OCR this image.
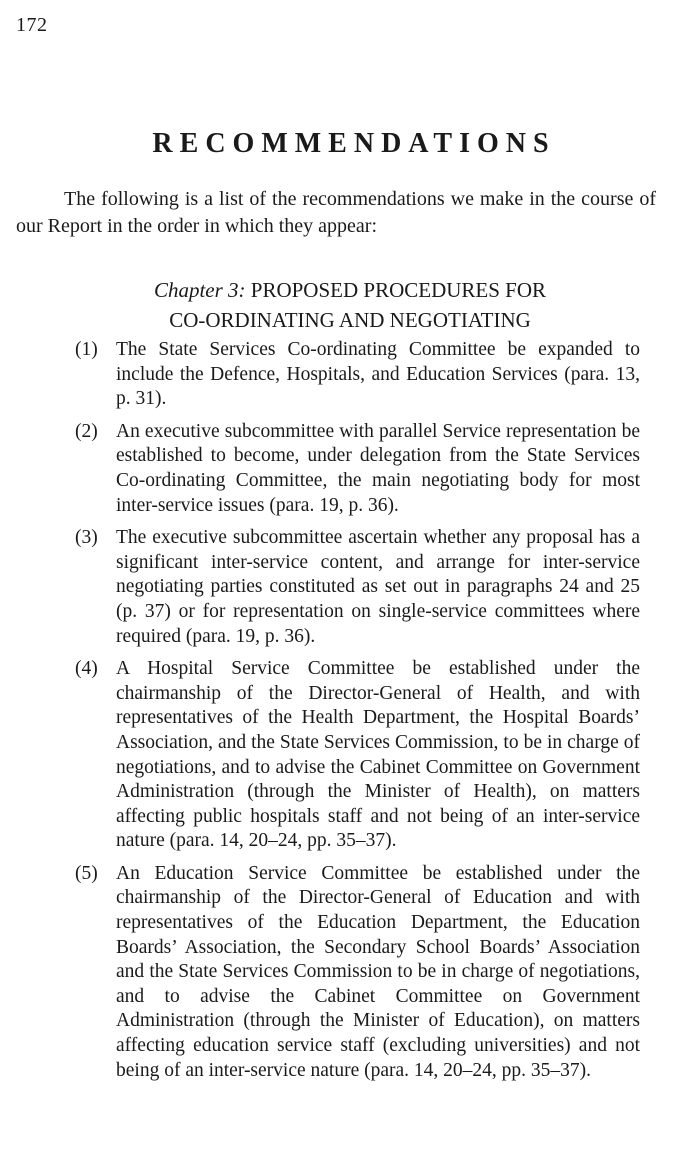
172
RECOMMENDATIONS

The following is a list of the recommendations we make in the course of our Report in the order in which they appear:

Chapter 3: PROPOSED PROCEDURES FOR
CO-ORDINATING AND NEGOTIATING
(1) The State Services Co-ordinating Committee be expanded to include the Defence, Hospitals, and Education Services (para. 13, p. 31).
(2) An executive subcommittee with parallel Service representation be established to become, under delegation from the State Services Co-ordinating Committee, the main negotiating body for most inter-service issues (para. 19, p. 36).
(3) The executive subcommittee ascertain whether any proposal has a significant inter-service content, and arrange for inter-service negotiating parties constituted as set out in paragraphs 24 and 25 (p. 37) or for representation on single-service committees where required (para. 19, p. 36).
(4) A Hospital Service Committee be established under the chairmanship of the Director-General of Health, and with representatives of the Health Department, the Hospital Boards’ Association, and the State Services Commission, to be in charge of negotiations, and to advise the Cabinet Committee on Government Administration (through the Minister of Health), on matters affecting public hospitals staff and not being of an inter-service nature (para. 14, 20–24, pp. 35–37).
(5) An Education Service Committee be established under the chairmanship of the Director-General of Education and with representatives of the Education Department, the Education Boards’ Association, the Secondary School Boards’ Association and the State Services Commission to be in charge of negotiations, and to advise the Cabinet Committee on Government Administration (through the Minister of Education), on matters affecting education service staff (excluding universities) and not being of an inter-service nature (para. 14, 20–24, pp. 35–37).
